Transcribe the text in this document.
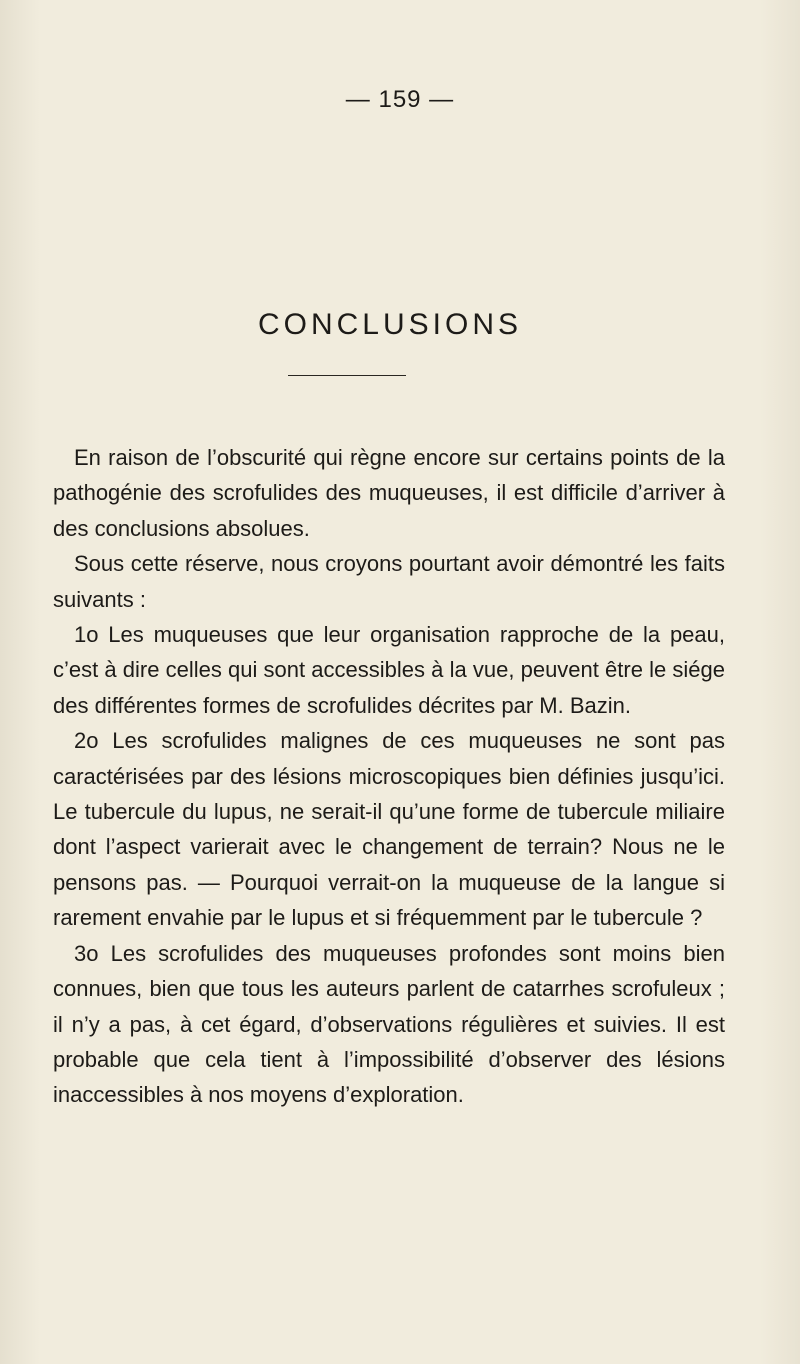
— 159 —
CONCLUSIONS

En raison de l’obscurité qui règne encore sur certains points de la pathogénie des scrofulides des muqueuses, il est difficile d’arriver à des conclusions absolues.

Sous cette réserve, nous croyons pourtant avoir démontré les faits suivants :

1o Les muqueuses que leur organisation rapproche de la peau, c’est à dire celles qui sont accessibles à la vue, peuvent être le siége des différentes formes de scrofulides décrites par M. Bazin.

2o Les scrofulides malignes de ces muqueuses ne sont pas caractérisées par des lésions microscopiques bien définies jusqu’ici. Le tubercule du lupus, ne serait-il qu’une forme de tubercule miliaire dont l’aspect varierait avec le changement de terrain? Nous ne le pensons pas. — Pourquoi verrait-on la muqueuse de la langue si rarement envahie par le lupus et si fréquemment par le tubercule ?

3o Les scrofulides des muqueuses profondes sont moins bien connues, bien que tous les auteurs parlent de catarrhes scrofuleux ; il n’y a pas, à cet égard, d’observations régulières et suivies. Il est probable que cela tient à l’impossibilité d’observer des lésions inaccessibles à nos moyens d’exploration.
